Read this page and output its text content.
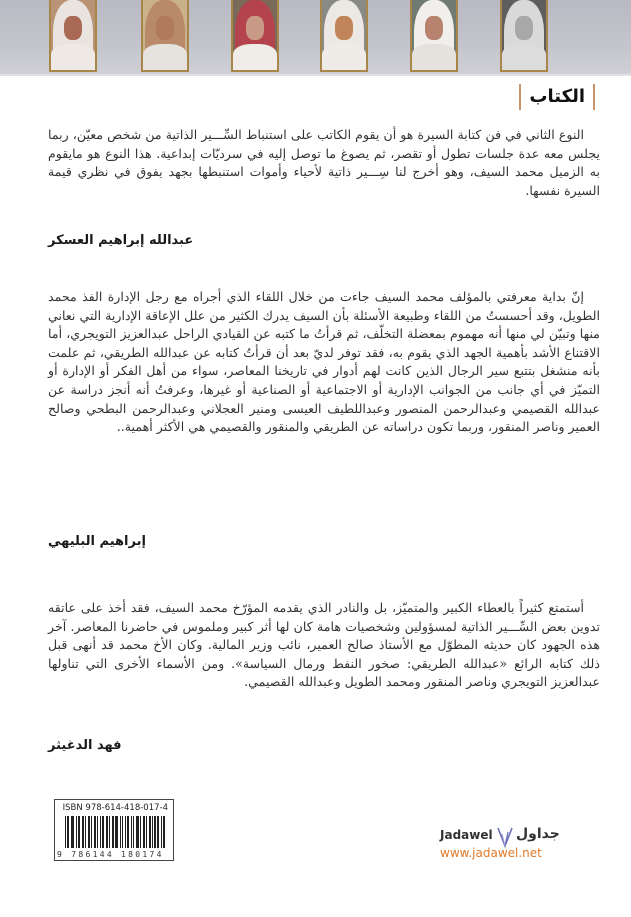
الكتاب

النوع الثاني في فن كتابة السيرة هو أن يقوم الكاتب على استنباط السِّـــير الذاتية من شخص معيّن، ربما يجلس معه عدة جلسات تطول أو تقصر، ثم يصوغ ما توصل إليه في سرديّات إبداعية. هذا النوع هو مايقوم به الزميل محمد السيف، وهو أخرج لنا سِـــير ذاتية لأحياء وأموات استنبطها بجهد يفوق في نظري قيمة السيرة نفسها.

عبدالله إبراهيم العسكر

إنّ بداية معرفتي بالمؤلف محمد السيف جاءت من خلال اللقاء الذي أجراه مع رجل الإدارة الفذ محمد الطويل، وقد أحسستُ من اللقاء وطبيعة الأسئلة بأن السيف يدرك الكثير من علل الإعاقة الإدارية التي نعاني منها وتبيّن لي منها أنه مهموم بمعضلة التخلّف، ثم قرأتُ ما كتبه عن القيادي الراحل عبدالعزيز التويجري، أما الاقتناع الأشد بأهمية الجهد الذي يقوم به، فقد توفر لديّ بعد أن قرأتُ كتابه عن عبدالله الطريقي، ثم علمت بأنه منشغل بتتبع سير الرجال الذين كانت لهم أدوار في تاريخنا المعاصر، سواء من أهل الفكر أو الإدارة أو التميّز في أي جانب من الجوانب الإدارية أو الاجتماعية أو الصناعية أو غيرها، وعرفتُ أنه أنجز دراسة عن عبدالله القصيمي وعبدالرحمن المنصور وعبداللطيف العيسى ومنير العجلاني وعبدالرحمن البطحي وصالح العمير وناصر المنقور، وربما تكون دراساته عن الطريقي والمنقور والقصيمي هي الأكثر أهمية..

إبراهيم البليهي

أستمتع كثيراً بالعطاء الكبير والمتميّز، بل والنادر الذي يقدمه المؤرّخ محمد السيف، فقد أخذ على عاتقه تدوين بعض السِّـــير الذاتية لمسؤولين وشخصيات هامة كان لها أثر كبير وملموس في حاضرنا المعاصر. آخر هذه الجهود كان حديثه المطوّل مع الأستاذ صالح العمير، نائب وزير المالية. وكان الأخ محمد قد أنهى قبل ذلك كتابه الرائع «عبدالله الطريقي: صخور النفط ورمال السياسة». ومن الأسماء الأخرى التي تناولها عبدالعزيز التويجري وناصر المنقور ومحمد الطويل وعبدالله القصيمي.

فهد الدغيثر
ISBN 978-614-418-017-4
9 786144 180174
Jadawel جداول
www.jadawel.net
